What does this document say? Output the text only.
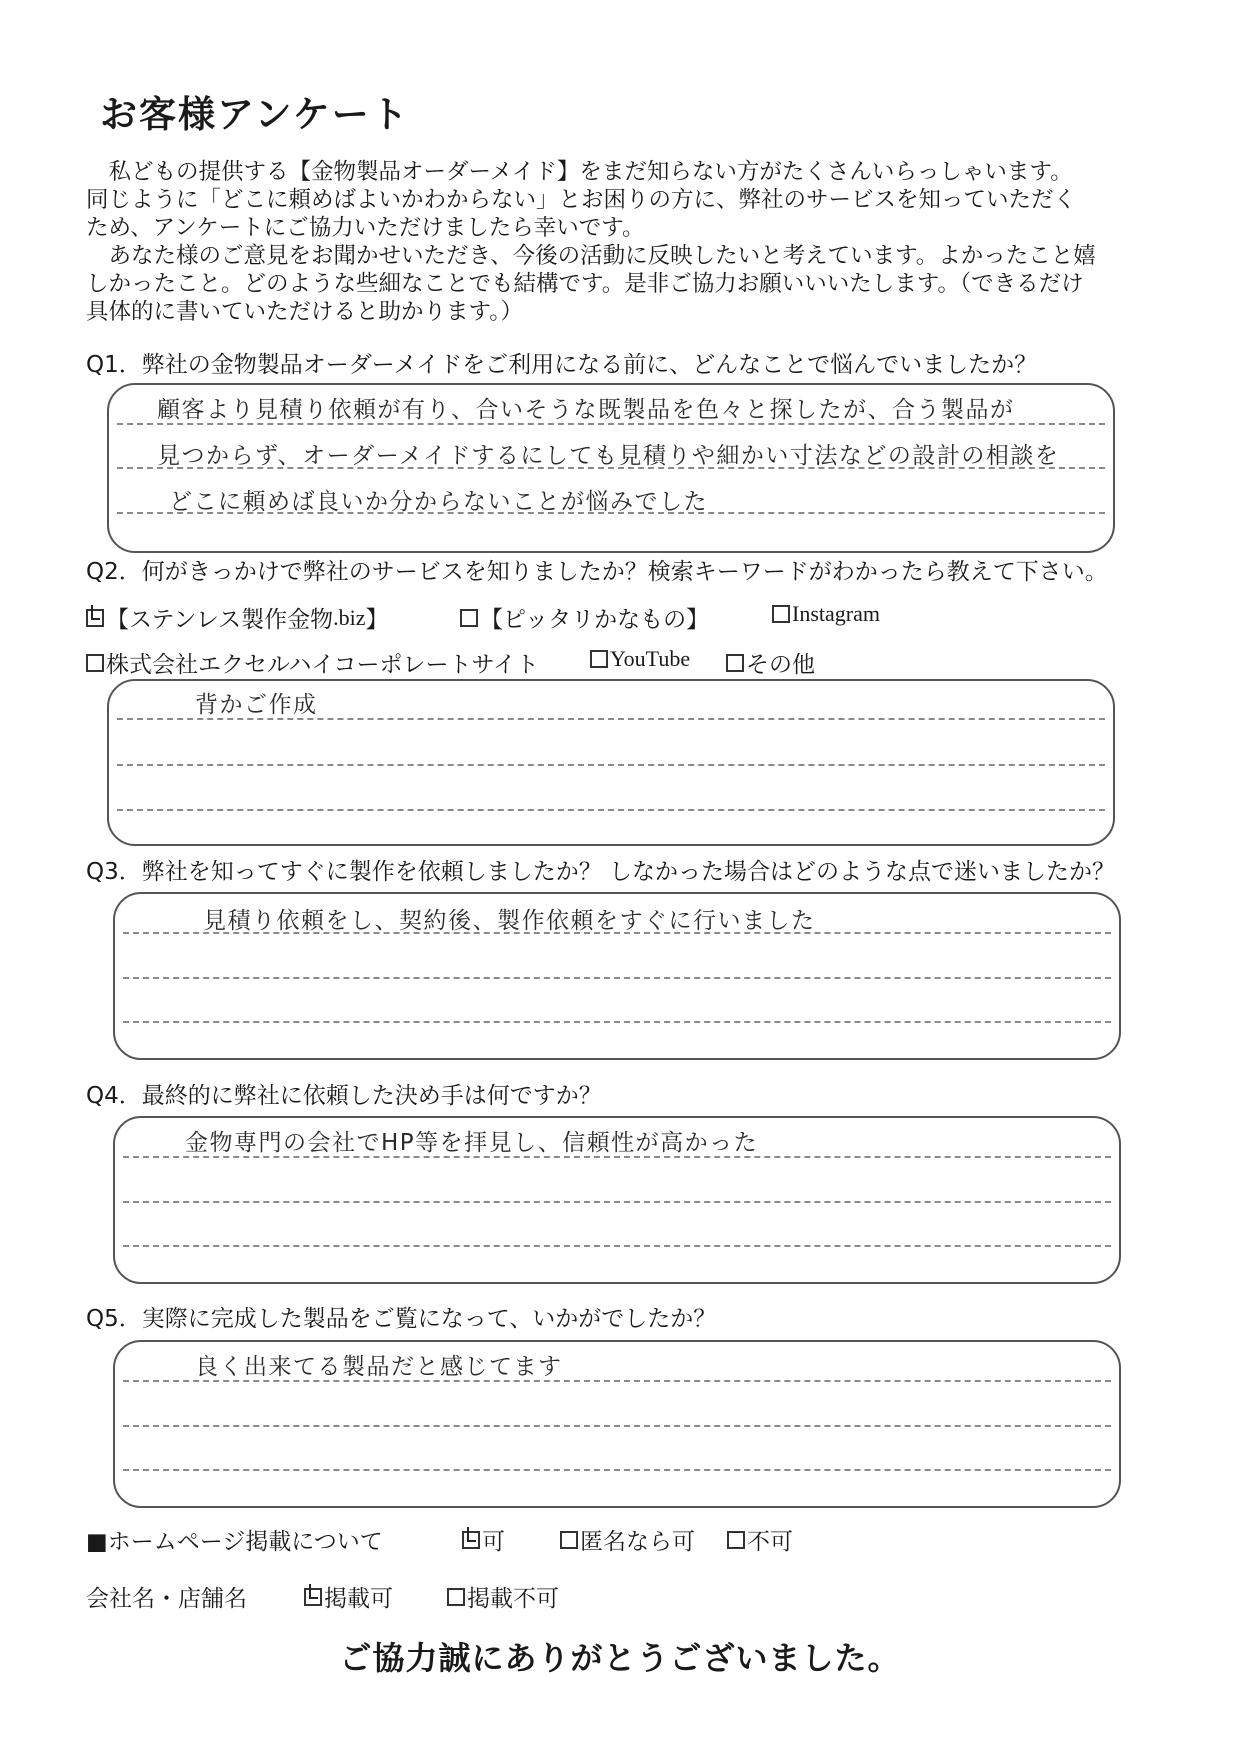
お客様アンケート

　私どもの提供する【金物製品オーダーメイド】をまだ知らない方がたくさんいらっしゃいます。
同じように「どこに頼めばよいかわからない」とお困りの方に、弊社のサービスを知っていただく
ため、アンケートにご協力いただけましたら幸いです。
　あなた様のご意見をお聞かせいただき、今後の活動に反映したいと考えています。よかったこと嬉
しかったこと。どのような些細なことでも結構です。是非ご協力お願いいいたします。（できるだけ
具体的に書いていただけると助かります。）

Q1．弊社の金物製品オーダーメイドをご利用になる前に、どんなことで悩んでいましたか？

顧客より見積り依頼が有り、合いそうな既製品を色々と探したが、合う製品が

見つからず、オーダーメイドするにしても見積りや細かい寸法などの設計の相談を

どこに頼めば良いか分からないことが悩みでした

Q2．何がきっかけで弊社のサービスを知りましたか？検索キーワードがわかったら教えて下さい。

【ステンレス製作金物 .biz 】	【ピッタリかなもの】	Instagram
株式会社エクセルハイコーポレートサイト	YouTube その他

背かご作成

Q3．弊社を知ってすぐに製作を依頼しましたか？ しなかった場合はどのような点で迷いましたか？

見積り依頼をし、契約後、製作依頼をすぐに行いました

Q4．最終的に弊社に依頼した決め手は何ですか？

金物専門の会社でHP等を拝見し、信頼性が高かった

Q5．実際に完成した製品をご覧になって、いかがでしたか？

良く出来てる製品だと感じてます

■ホームページ掲載について	可	匿名なら可 不可

会社名・店舗名	掲載可	掲載不可

ご協力誠にありがとうございました。
